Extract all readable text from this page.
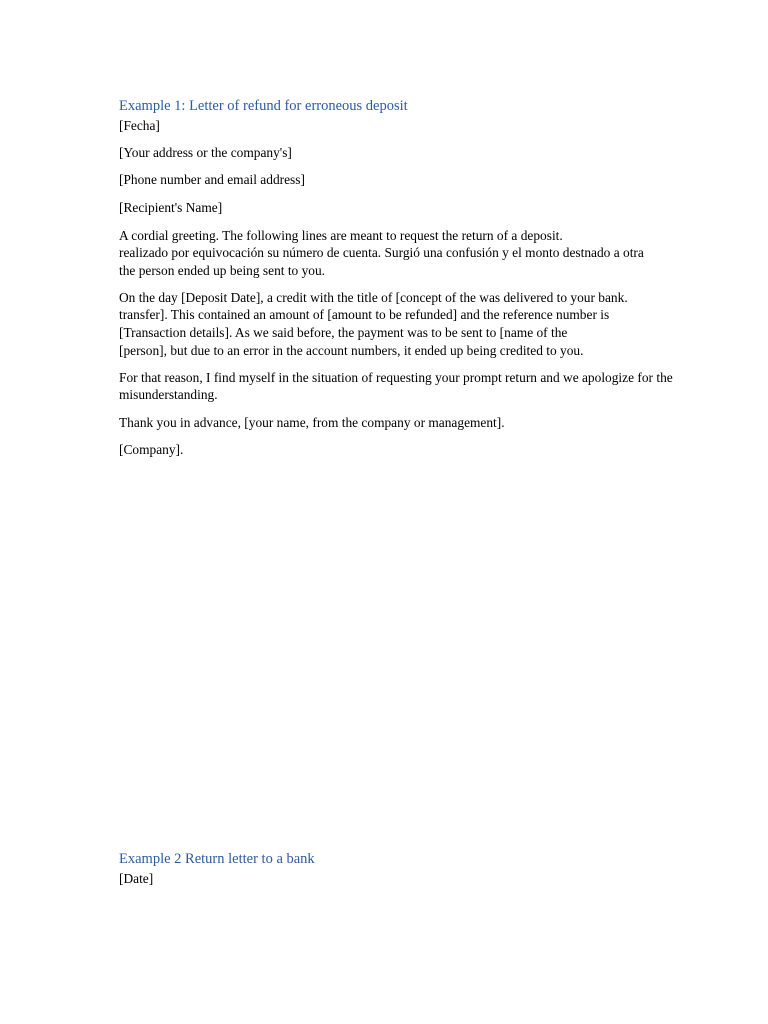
Example 1: Letter of refund for erroneous deposit

[Fecha]

[Your address or the company's]

[Phone number and email address]

[Recipient's Name]

A cordial greeting. The following lines are meant to request the return of a deposit.

realizado por equivocación su número de cuenta. Surgió una confusión y el monto destnado a otra

the person ended up being sent to you.

On the day [Deposit Date], a credit with the title of [concept of the was delivered to your bank.

transfer]. This contained an amount of [amount to be refunded] and the reference number is

[Transaction details]. As we said before, the payment was to be sent to [name of the

[person], but due to an error in the account numbers, it ended up being credited to you.

For that reason, I find myself in the situation of requesting your prompt return and we apologize for the

misunderstanding.

Thank you in advance, [your name, from the company or management].

[Company].

Example 2 Return letter to a bank

[Date]
